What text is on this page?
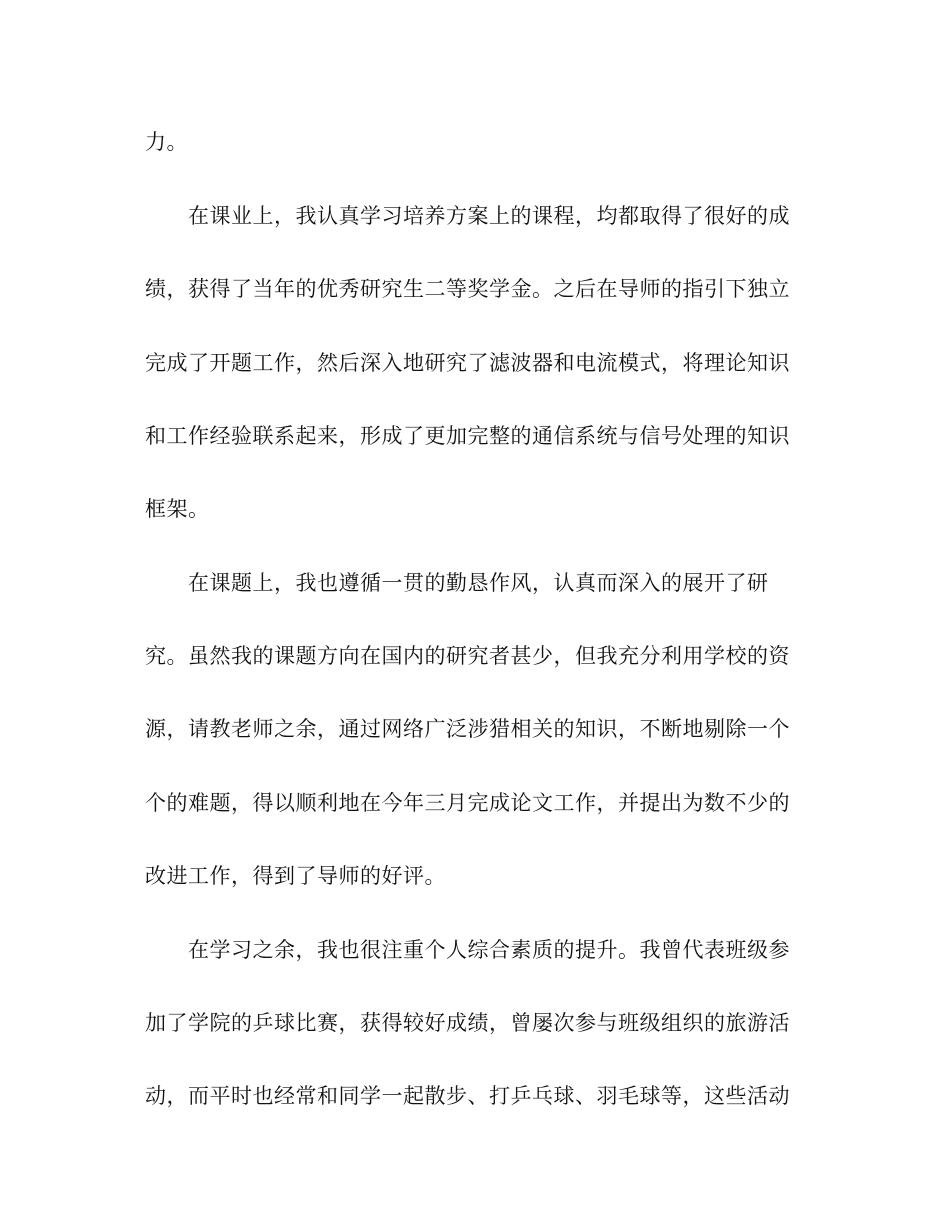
力。
在课业上，我认真学习培养方案上的课程，均都取得了很好的成
绩，获得了当年的优秀研究生二等奖学金。之后在导师的指引下独立
完成了开题工作，然后深入地研究了滤波器和电流模式，将理论知识
和工作经验联系起来，形成了更加完整的通信系统与信号处理的知识
框架。
在课题上，我也遵循一贯的勤恳作风，认真而深入的展开了研
究。虽然我的课题方向在国内的研究者甚少，但我充分利用学校的资
源，请教老师之余，通过网络广泛涉猎相关的知识，不断地剔除一个
个的难题，得以顺利地在今年三月完成论文工作，并提出为数不少的
改进工作，得到了导师的好评。
在学习之余，我也很注重个人综合素质的提升。我曾代表班级参
加了学院的乒球比赛，获得较好成绩，曾屡次参与班级组织的旅游活
动，而平时也经常和同学一起散步、打乒乓球、羽毛球等，这些活动
